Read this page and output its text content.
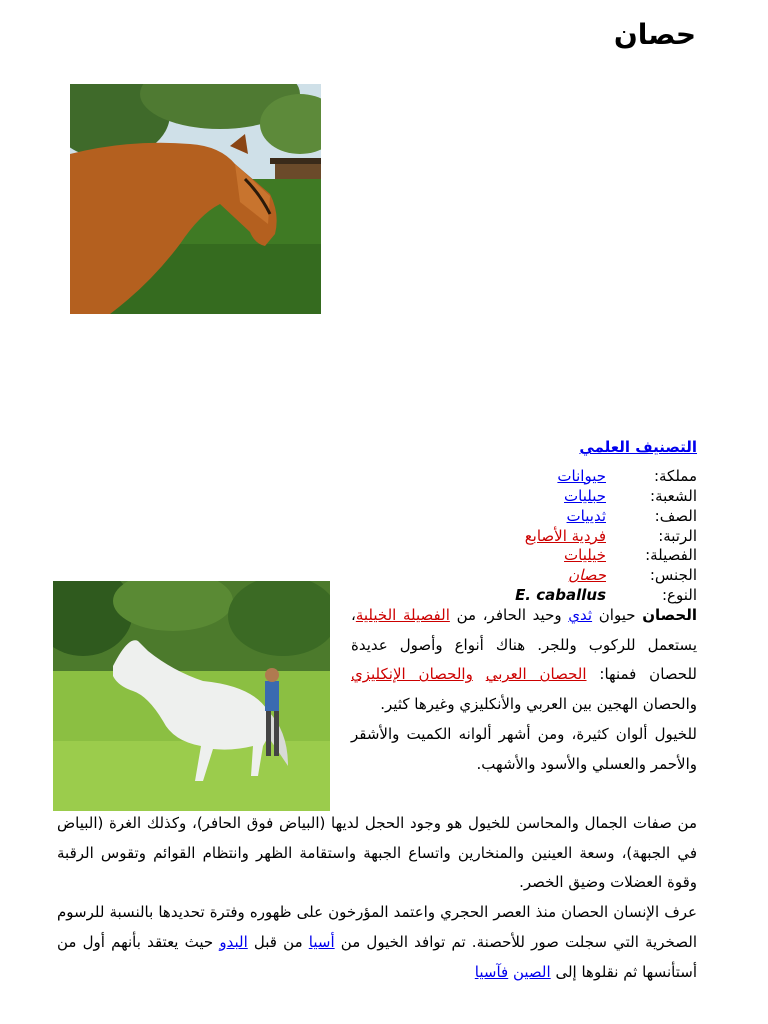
حصان
التصنيف العلمي
مملكة:
حيوانات
الشعبة:
حبليات
الصف:
ثدييات
الرتبة:
فردية الأصابع
الفصيلة:
خيليات
الجنس:
حصان
النوع:
E. caballus
الحصان حيوان ثدي وحيد الحافر، من الفصيلة الخيلية، يستعمل للركوب وللجر. هناك أنواع وأصول عديدة للحصان فمنها: الحصان العربي والحصان الإنكليزي والحصان الهجين بين العربي والأنكليزي وغيرها كثير.
للخيول ألوان كثيرة، ومن أشهر ألوانه الكميت والأشقر والأحمر والعسلي والأسود والأشهب.
من صفات الجمال والمحاسن للخيول هو وجود الحجل لديها (البياض فوق الحافر)، وكذلك الغرة (البياض في الجبهة)، وسعة العينين والمنخارين واتساع الجبهة واستقامة الظهر وانتظام القوائم وتقوس الرقبة وقوة العضلات وضيق الخصر.
عرف الإنسان الحصان منذ العصر الحجري واعتمد المؤرخون على ظهوره وفترة تحديدها بالنسبة للرسوم الصخرية التي سجلت صور للأحصنة. تم توافد الخيول من أسيا من قبل البدو حيث يعتقد بأنهم أول من أستأنسها ثم نقلوها إلى الصين فآسيا
